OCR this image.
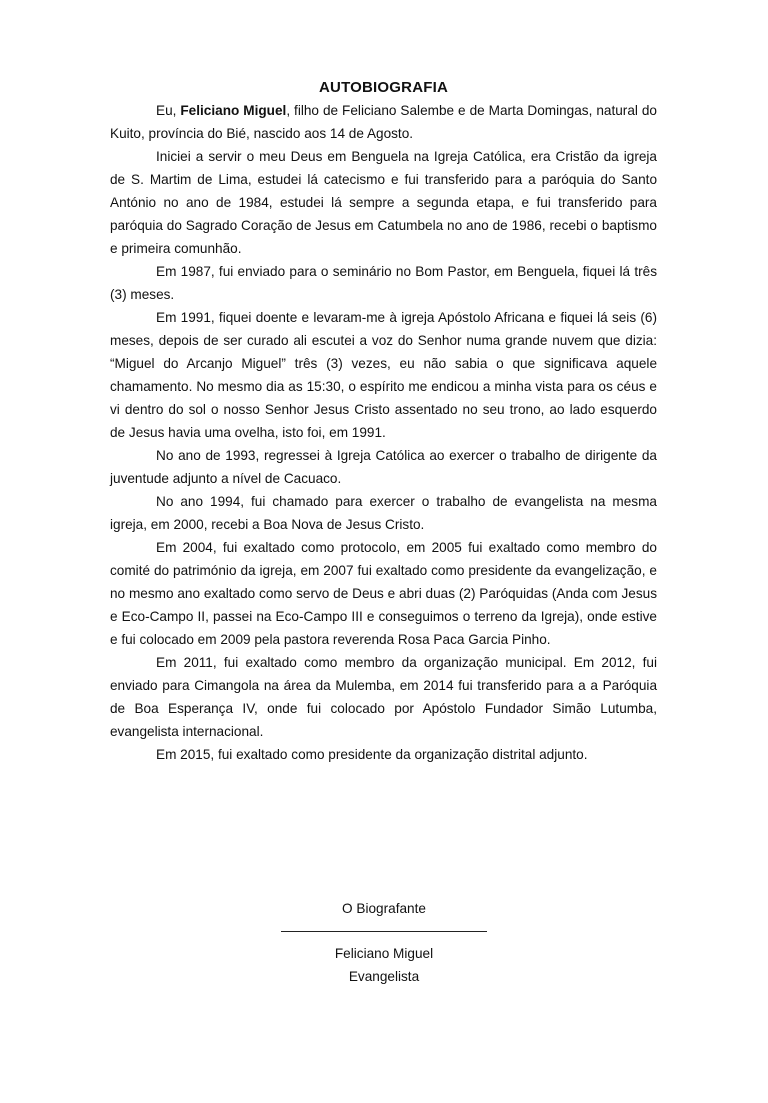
AUTOBIOGRAFIA

Eu, Feliciano Miguel, filho de Feliciano Salembe e de Marta Domingas, natural do Kuito, província do Bié, nascido aos 14 de Agosto.

Iniciei a servir o meu Deus em Benguela na Igreja Católica, era Cristão da igreja de S. Martim de Lima, estudei lá catecismo e fui transferido para a paróquia do Santo António no ano de 1984, estudei lá sempre a segunda etapa, e fui transferido para paróquia do Sagrado Coração de Jesus em Catumbela no ano de 1986, recebi o baptismo e primeira comunhão.

Em 1987, fui enviado para o seminário no Bom Pastor, em Benguela, fiquei lá três (3) meses.

Em 1991, fiquei doente e levaram-me à igreja Apóstolo Africana e fiquei lá seis (6) meses, depois de ser curado ali escutei a voz do Senhor numa grande nuvem que dizia: “Miguel do Arcanjo Miguel” três (3) vezes, eu não sabia o que significava aquele chamamento. No mesmo dia as 15:30, o espírito me endicou a minha vista para os céus e vi dentro do sol o nosso Senhor Jesus Cristo assentado no seu trono, ao lado esquerdo de Jesus havia uma ovelha, isto foi, em 1991.

No ano de 1993, regressei à Igreja Católica ao exercer o trabalho de dirigente da juventude adjunto a nível de Cacuaco.

No ano 1994, fui chamado para exercer o trabalho de evangelista na mesma igreja, em 2000, recebi a Boa Nova de Jesus Cristo.

Em 2004, fui exaltado como protocolo, em 2005 fui exaltado como membro do comité do património da igreja, em 2007 fui exaltado como presidente da evangelização, e no mesmo ano exaltado como servo de Deus e abri duas (2) Paróquidas (Anda com Jesus e Eco-Campo II, passei na Eco-Campo III e conseguimos o terreno da Igreja), onde estive e fui colocado em 2009 pela pastora reverenda Rosa Paca Garcia Pinho.

Em 2011, fui exaltado como membro da organização municipal. Em 2012, fui enviado para Cimangola na área da Mulemba, em 2014 fui transferido para a a Paróquia de Boa Esperança IV, onde fui colocado por Apóstolo Fundador Simão Lutumba, evangelista internacional.

Em 2015, fui exaltado como presidente da organização distrital adjunto.

O Biografante
Feliciano Miguel
Evangelista
